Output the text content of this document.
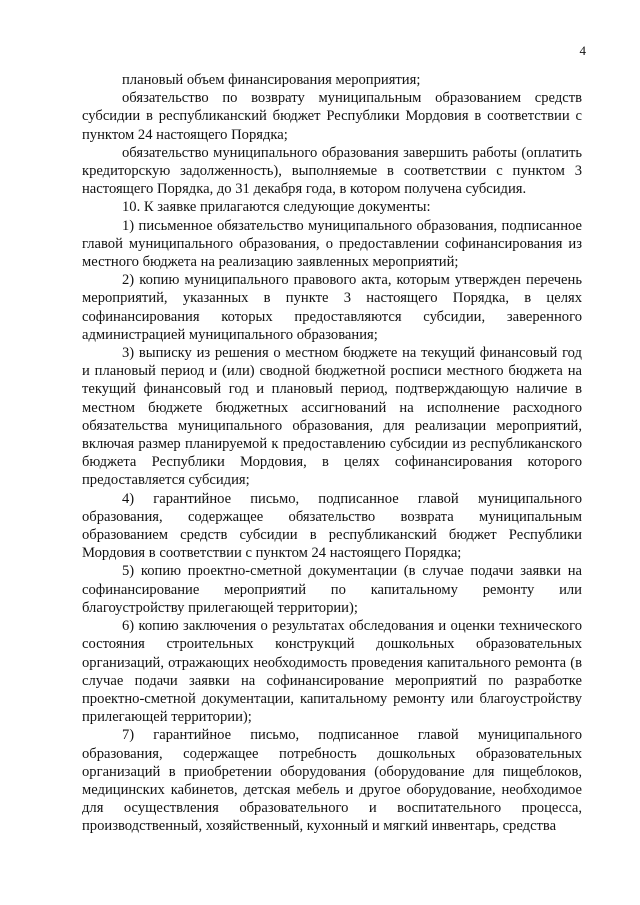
4

плановый объем финансирования мероприятия;

обязательство по возврату муниципальным образованием средств субсидии в республиканский бюджет Республики Мордовия в соответствии с пунктом 24 настоящего Порядка;

обязательство муниципального образования завершить работы (оплатить кредиторскую задолженность), выполняемые в соответствии с пунктом 3 настоящего Порядка, до 31 декабря года, в котором получена субсидия.

10. К заявке прилагаются следующие документы:

1) письменное обязательство муниципального образования, подписанное главой муниципального образования, о предоставлении софинансирования из местного бюджета на реализацию заявленных мероприятий;

2) копию муниципального правового акта, которым утвержден перечень мероприятий, указанных в пункте 3 настоящего Порядка, в целях софинансирования которых предоставляются субсидии, заверенного администрацией муниципального образования;

3) выписку из решения о местном бюджете на текущий финансовый год и плановый период и (или) сводной бюджетной росписи местного бюджета на текущий финансовый год и плановый период, подтверждающую наличие в местном бюджете бюджетных ассигнований на исполнение расходного обязательства муниципального образования, для реализации мероприятий, включая размер планируемой к предоставлению субсидии из республиканского бюджета Республики Мордовия, в целях софинансирования которого предоставляется субсидия;

4) гарантийное письмо, подписанное главой муниципального образования, содержащее обязательство возврата муниципальным образованием средств субсидии в республиканский бюджет Республики Мордовия в соответствии с пунктом 24 настоящего Порядка;

5) копию проектно-сметной документации (в случае подачи заявки на софинансирование мероприятий по капитальному ремонту или благоустройству прилегающей территории);

6) копию заключения о результатах обследования и оценки технического состояния строительных конструкций дошкольных образовательных организаций, отражающих необходимость проведения капитального ремонта (в случае подачи заявки на софинансирование мероприятий по разработке проектно-сметной документации, капитальному ремонту или благоустройству прилегающей территории);

7) гарантийное письмо, подписанное главой муниципального образования, содержащее потребность дошкольных образовательных организаций в приобретении оборудования (оборудование для пищеблоков, медицинских кабинетов, детская мебель и другое оборудование, необходимое для осуществления образовательного и воспитательного процесса, производственный, хозяйственный, кухонный и мягкий инвентарь, средства
